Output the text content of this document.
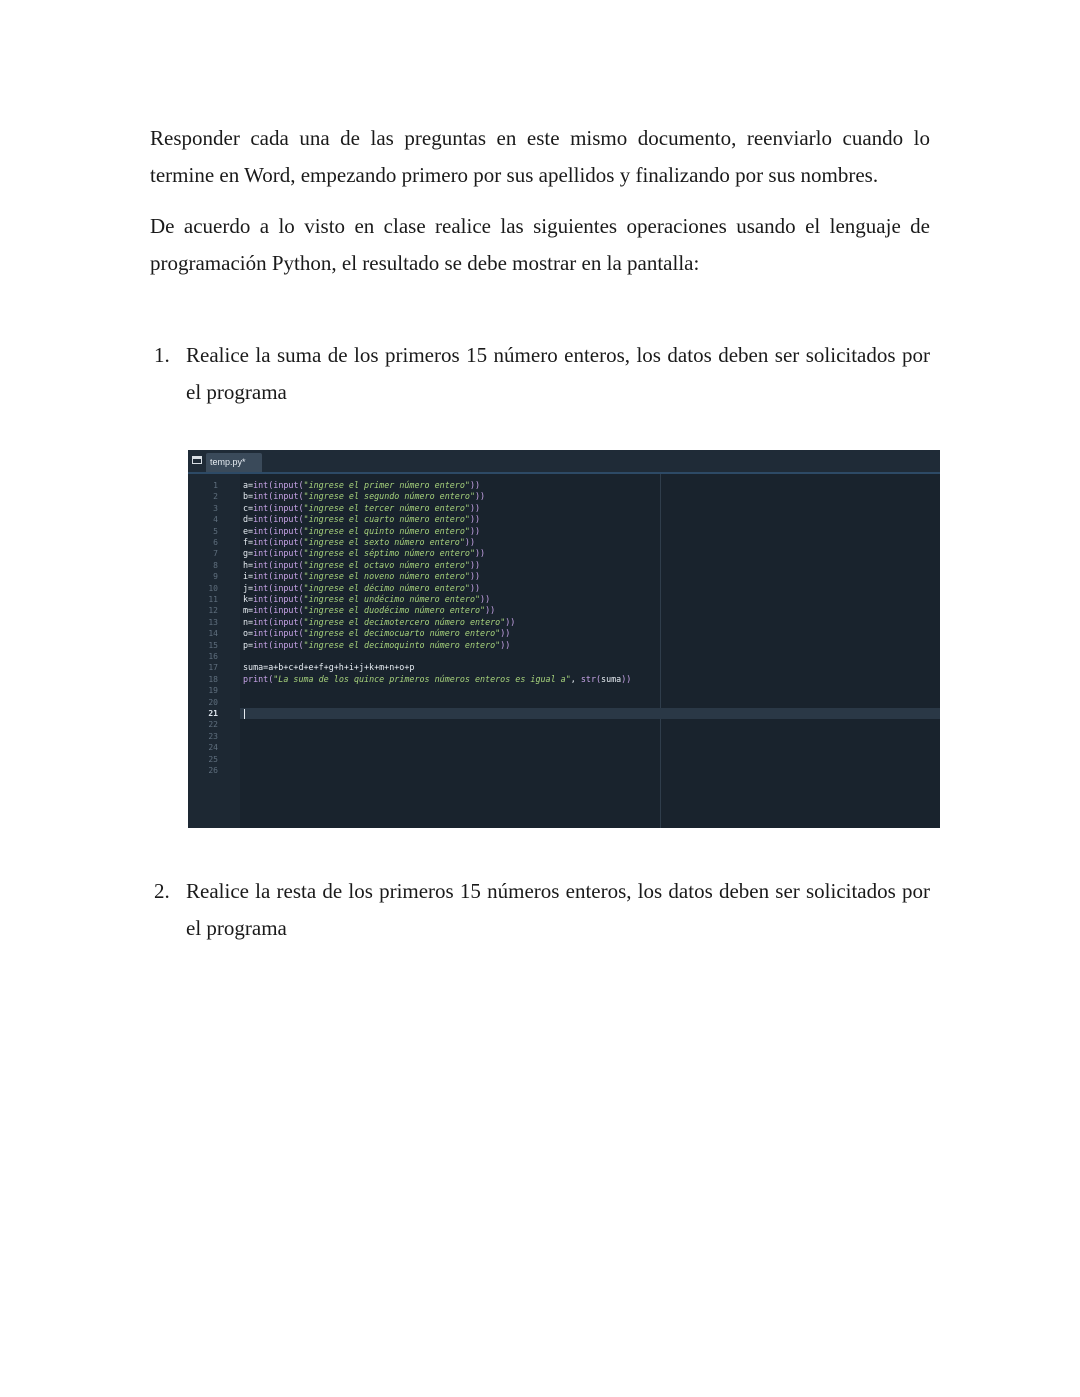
Responder cada una de las preguntas en este mismo documento, reenviarlo cuando lo termine en Word, empezando primero por sus apellidos y finalizando por sus nombres.

De acuerdo a lo visto en clase realice las siguientes operaciones usando el lenguaje de programación Python, el resultado se debe mostrar en la pantalla:

1. Realice la suma de los primeros 15 número enteros, los datos deben ser solicitados por el programa
temp.py*
1
2
3
4
5
6
7
8
9
10
11
12
13
14
15
16
17
18
19
20
21
22
23
24
25
26
a=int(input("ingrese el primer número entero"))
b=int(input("ingrese el segundo número entero"))
c=int(input("ingrese el tercer número entero"))
d=int(input("ingrese el cuarto número entero"))
e=int(input("ingrese el quinto número entero"))
f=int(input("ingrese el sexto número entero"))
g=int(input("ingrese el séptimo número entero"))
h=int(input("ingrese el octavo número entero"))
i=int(input("ingrese el noveno número entero"))
j=int(input("ingrese el décimo número entero"))
k=int(input("ingrese el undécimo número entero"))
m=int(input("ingrese el duodécimo número entero"))
n=int(input("ingrese el decimotercero número entero"))
o=int(input("ingrese el decimocuarto número entero"))
p=int(input("ingrese el decimoquinto número entero"))
suma=a+b+c+d+e+f+g+h+i+j+k+m+n+o+p
print("La suma de los quince primeros números enteros es igual a", str(suma))
2. Realice la resta de los primeros 15 números enteros, los datos deben ser solicitados por el programa
